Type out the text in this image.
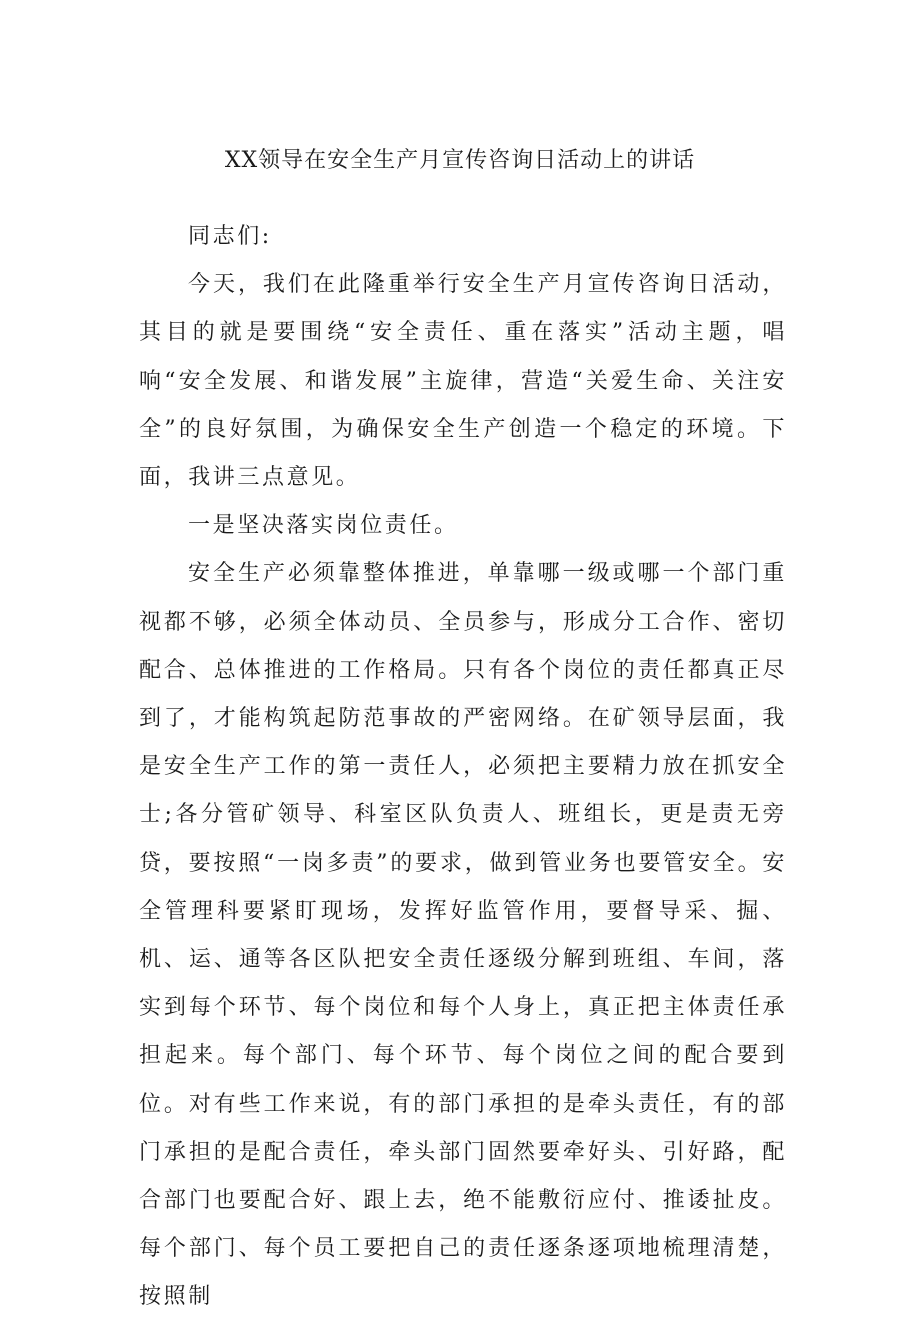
XX领导在安全生产月宣传咨询日活动上的讲话

同志们:

今天，我们在此隆重举行安全生产月宣传咨询日活动，其目的就是要围绕“安全责任、重在落实”活动主题，唱响“安全发展、和谐发展”主旋律，营造“关爱生命、关注安全”的良好氛围，为确保安全生产创造一个稳定的环境。下面，我讲三点意见。

一是坚决落实岗位责任。

安全生产必须靠整体推进，单靠哪一级或哪一个部门重视都不够，必须全体动员、全员参与，形成分工合作、密切配合、总体推进的工作格局。只有各个岗位的责任都真正尽到了，才能构筑起防范事故的严密网络。在矿领导层面，我是安全生产工作的第一责任人，必须把主要精力放在抓安全士;各分管矿领导、科室区队负责人、班组长，更是责无旁贷，要按照“一岗多责”的要求，做到管业务也要管安全。安全管理科要紧盯现场，发挥好监管作用，要督导采、掘、机、运、通等各区队把安全责任逐级分解到班组、车间，落实到每个环节、每个岗位和每个人身上，真正把主体责任承担起来。每个部门、每个环节、每个岗位之间的配合要到位。对有些工作来说，有的部门承担的是牵头责任，有的部门承担的是配合责任，牵头部门固然要牵好头、引好路，配合部门也要配合好、跟上去，绝不能敷衍应付、推诿扯皮。每个部门、每个员工要把自己的责任逐条逐项地梳理清楚，按照制
